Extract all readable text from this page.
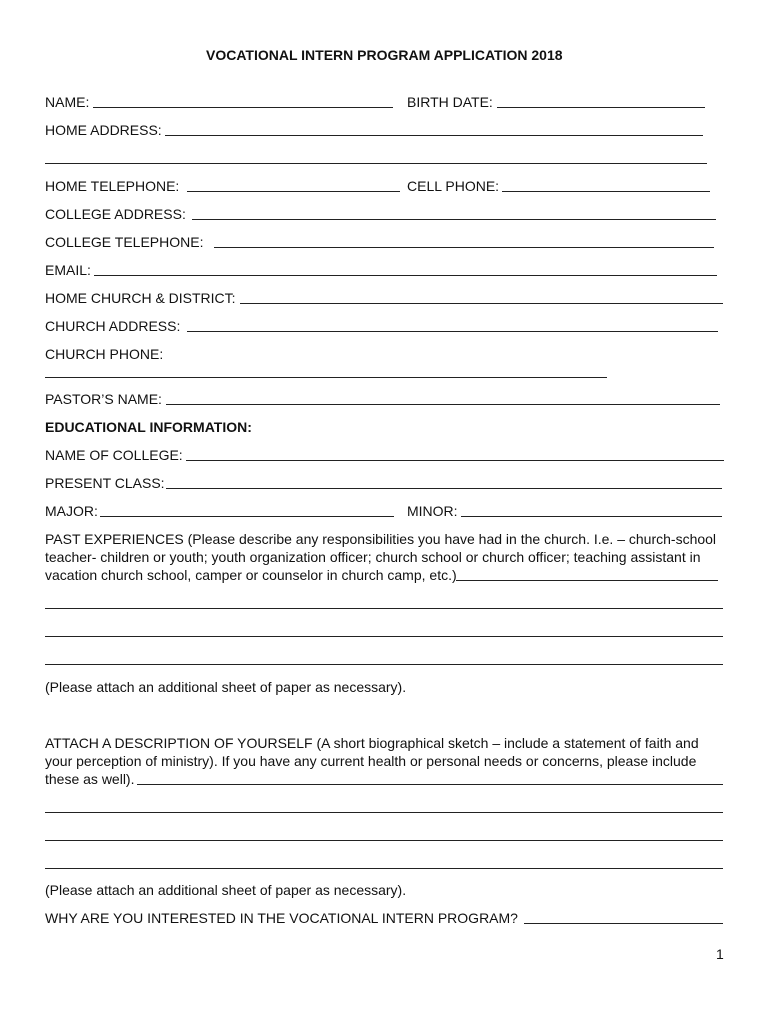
VOCATIONAL INTERN PROGRAM APPLICATION 2018
NAME:	BIRTH DATE:
HOME ADDRESS:
HOME TELEPHONE:	CELL PHONE:
COLLEGE ADDRESS:
COLLEGE TELEPHONE:
EMAIL:
HOME CHURCH & DISTRICT:
CHURCH ADDRESS:
CHURCH PHONE:
PASTOR’S NAME:
EDUCATIONAL INFORMATION:
NAME OF COLLEGE:
PRESENT CLASS:
MAJOR:	MINOR:
PAST EXPERIENCES (Please describe any responsibilities you have had in the church. I.e. – church-school
teacher- children or youth; youth organization officer; church school or church officer; teaching assistant in
vacation church school, camper or counselor in church camp, etc.)
(Please attach an additional sheet of paper as necessary).
ATTACH A DESCRIPTION OF YOURSELF (A short biographical sketch – include a statement of faith and
your perception of ministry). If you have any current health or personal needs or concerns, please include
these as well).
(Please attach an additional sheet of paper as necessary).
WHY ARE YOU INTERESTED IN THE VOCATIONAL INTERN PROGRAM?
1
